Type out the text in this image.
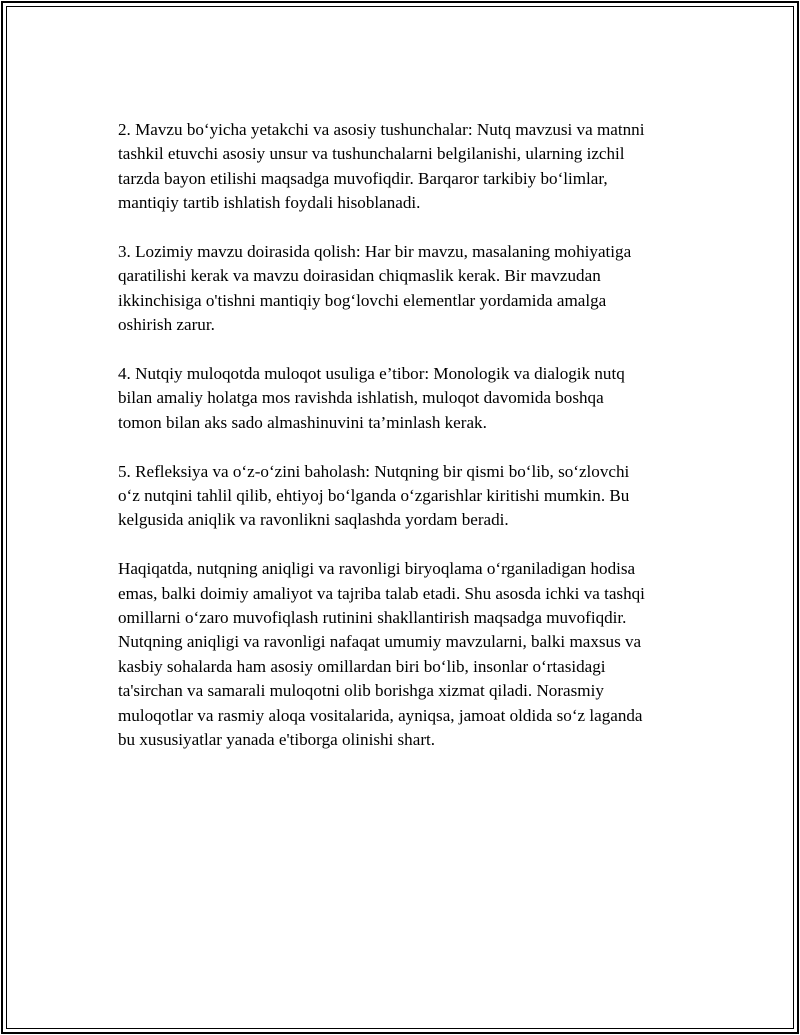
2. Mavzu bo‘yicha yetakchi va asosiy tushunchalar: Nutq mavzusi va matnni
tashkil etuvchi asosiy unsur va tushunchalarni belgilanishi, ularning izchil
tarzda bayon etilishi maqsadga muvofiqdir. Barqaror tarkibiy bo‘limlar,
mantiqiy tartib ishlatish foydali hisoblanadi.

3. Lozimiy mavzu doirasida qolish: Har bir mavzu, masalaning mohiyatiga
qaratilishi kerak va mavzu doirasidan chiqmaslik kerak. Bir mavzudan
ikkinchisiga o'tishni mantiqiy bog‘lovchi elementlar yordamida amalga
oshirish zarur.

4. Nutqiy muloqotda muloqot usuliga e’tibor: Monologik va dialogik nutq
bilan amaliy holatga mos ravishda ishlatish, muloqot davomida boshqa
tomon bilan aks sado almashinuvini ta’minlash kerak.

5. Refleksiya va o‘z-o‘zini baholash: Nutqning bir qismi bo‘lib, so‘zlovchi
o‘z nutqini tahlil qilib, ehtiyoj bo‘lganda o‘zgarishlar kiritishi mumkin. Bu
kelgusida aniqlik va ravonlikni saqlashda yordam beradi.

Haqiqatda, nutqning aniqligi va ravonligi biryoqlama o‘rganiladigan hodisa
emas, balki doimiy amaliyot va tajriba talab etadi. Shu asosda ichki va tashqi
omillarni o‘zaro muvofiqlash rutinini shakllantirish maqsadga muvofiqdir.
Nutqning aniqligi va ravonligi nafaqat umumiy mavzularni, balki maxsus va
kasbiy sohalarda ham asosiy omillardan biri bo‘lib, insonlar o‘rtasidagi
ta'sirchan va samarali muloqotni olib borishga xizmat qiladi. Norasmiy
muloqotlar va rasmiy aloqa vositalarida, ayniqsa, jamoat oldida so‘z laganda
bu xususiyatlar yanada e'tiborga olinishi shart.
